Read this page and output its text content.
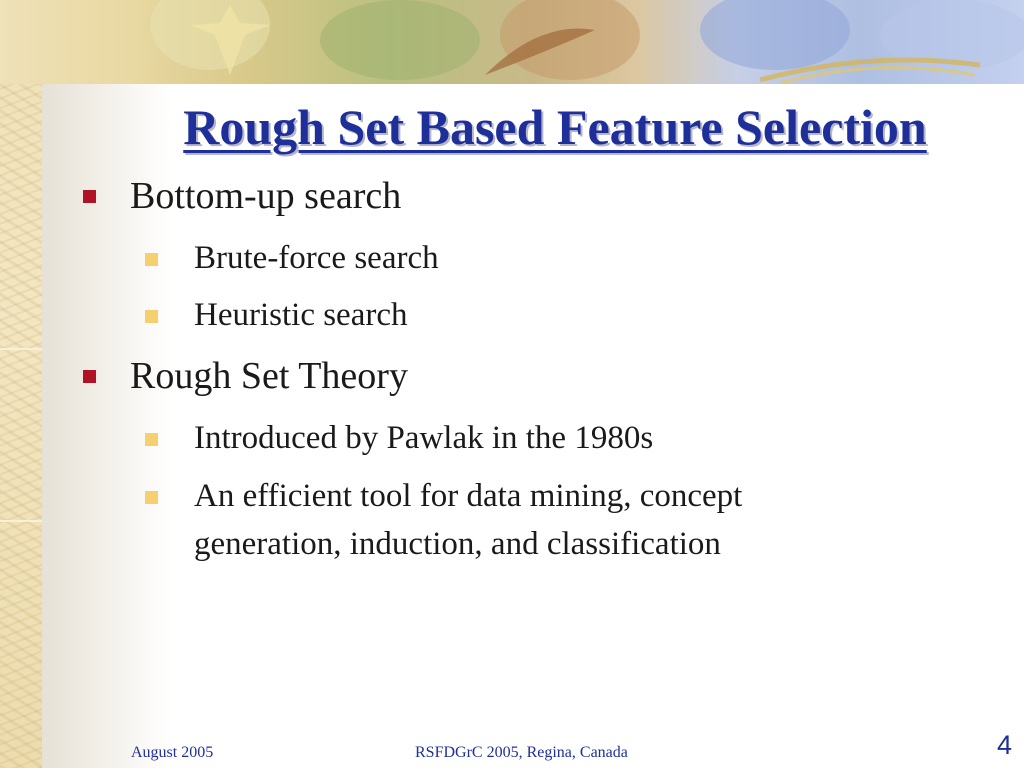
Rough Set Based Feature Selection
Bottom-up search
Brute-force search
Heuristic search
Rough Set Theory
Introduced by Pawlak in the 1980s
An efficient tool for data mining, concept generation, induction, and classification
August 2005	RSFDGrC 2005, Regina, Canada	4
